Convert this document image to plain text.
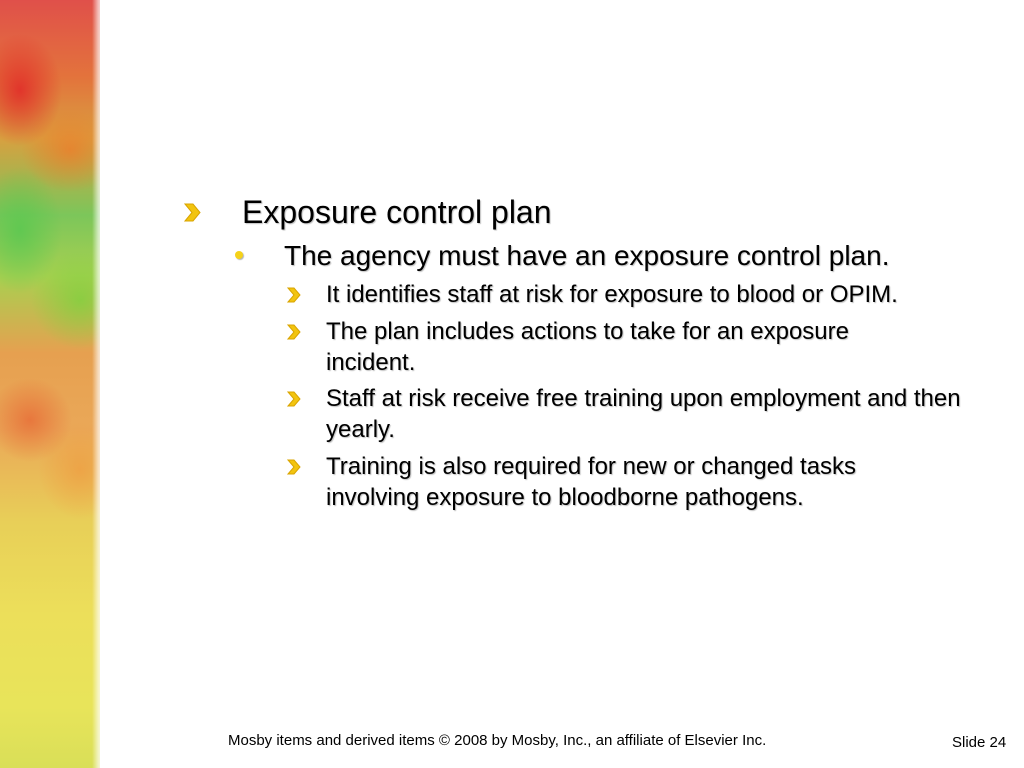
Exposure control plan
The agency must have an exposure control plan.
It identifies staff at risk for exposure to blood or OPIM.
The plan includes actions to take for an exposure incident.
Staff at risk receive free training upon employment and then yearly.
Training is also required for new or changed tasks involving exposure to bloodborne pathogens.
Mosby items and derived items © 2008 by Mosby, Inc., an affiliate of Elsevier Inc.	Slide 24
